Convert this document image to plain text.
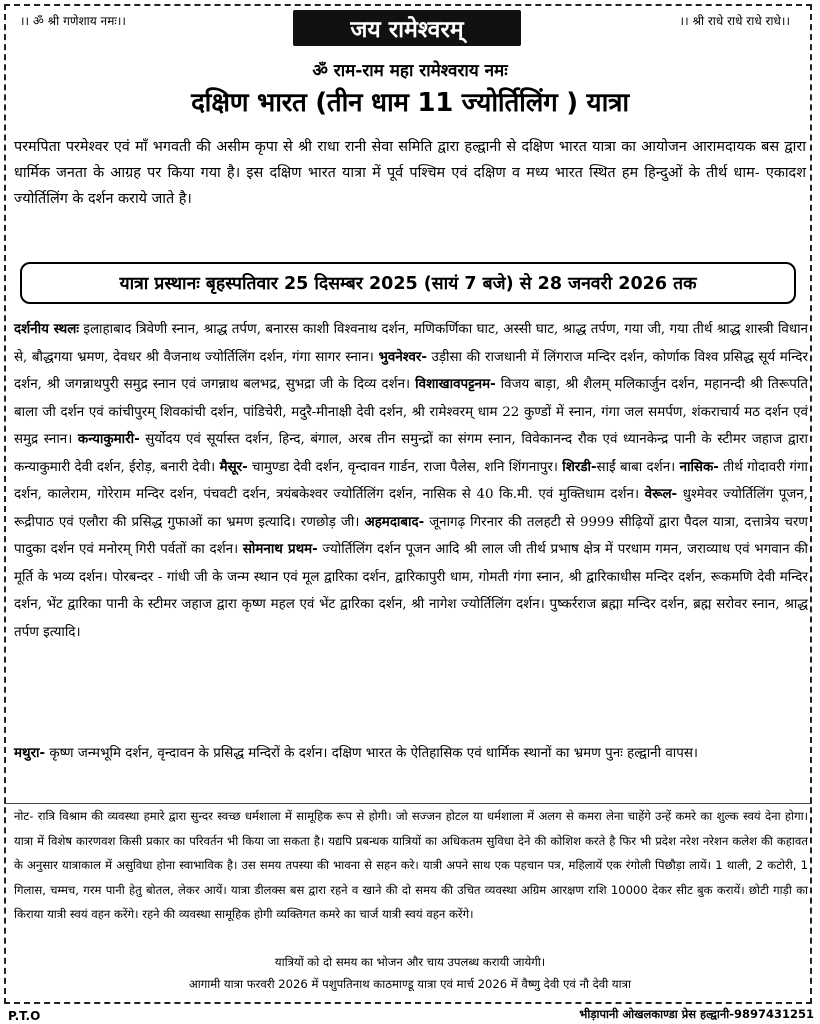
।। ॐ श्री गणेशाय नमः।।	जय रामेश्वरम्	।। श्री राधे राधे राधे राधे।।
ॐ राम-राम महा रामेश्वराय नमः
दक्षिण भारत (तीन धाम 11 ज्योर्तिलिंग ) यात्रा
परमपिता परमेश्वर एवं माँ भगवती की असीम कृपा से श्री राधा रानी सेवा समिति द्वारा हल्द्वानी से दक्षिण भारत यात्रा का आयोजन आरामदायक बस द्वारा धार्मिक जनता के आग्रह पर किया गया है। इस दक्षिण भारत यात्रा में पूर्व पश्चिम एवं दक्षिण व मध्य भारत स्थित हम हिन्दुओं के तीर्थ धाम- एकादश ज्योर्तिलिंग के दर्शन कराये जाते है।
यात्रा प्रस्थानः बृहस्पतिवार 25 दिसम्बर 2025 (सायं 7 बजे) से 28 जनवरी 2026 तक
दर्शनीय स्थलः इलाहाबाद त्रिवेणी स्नान, श्राद्ध तर्पण, बनारस काशी विश्वनाथ दर्शन, मणिकर्णिका घाट, अस्सी घाट, श्राद्ध तर्पण, गया जी, गया तीर्थ श्राद्ध शास्त्री विधान से, बौद्धगया भ्रमण, देवधर श्री वैजनाथ ज्योर्तिलिंग दर्शन, गंगा सागर स्नान। भुवनेश्वर- उड़ीसा की राजधानी में लिंगराज मन्दिर दर्शन, कोर्णाक विश्व प्रसिद्ध सूर्य मन्दिर दर्शन, श्री जगन्नाथपुरी समुद्र स्नान एवं जगन्नाथ बलभद्र, सुभद्रा जी के दिव्य दर्शन। विशाखावपट्टनम- विजय बाड़ा, श्री शैलम् मलिकार्जुन दर्शन, महानन्दी श्री तिरूपति बाला जी दर्शन एवं कांचीपुरम् शिवकांची दर्शन, पांडिचेरी, मदुरै-मीनाक्षी देवी दर्शन, श्री रामेश्वरम् धाम 22 कुण्डों में स्नान, गंगा जल समर्पण, शंकराचार्य मठ दर्शन एवं समुद्र स्नान। कन्याकुमारी- सुर्योदय एवं सूर्यास्त दर्शन, हिन्द, बंगाल, अरब तीन समुन्द्रों का संगम स्नान, विवेकानन्द रौक एवं ध्यानकेन्द्र पानी के स्टीमर जहाज द्वारा कन्याकुमारी देवी दर्शन, ईरोड़, बनारी देवी। मैसूर- चामुण्डा देवी दर्शन, वृन्दावन गार्डन, राजा पैलेस, शनि शिंगनापुर। शिरडी-साईं बाबा दर्शन। नासिक- तीर्थ गोदावरी गंगा दर्शन, कालेराम, गोरेराम मन्दिर दर्शन, पंचवटी दर्शन, त्रयंबकेश्वर ज्योर्तिलिंग दर्शन, नासिक से 40 कि.मी. एवं मुक्तिधाम दर्शन। वेरूल- धुश्मेवर ज्योर्तिलिंग पूजन, रूद्रीपाठ एवं एलौरा की प्रसिद्ध गुफाओं का भ्रमण इत्यादि। रणछोड़ जी। अहमदाबाद- जूनागढ़ गिरनार की तलहटी से 9999 सीढ़ियों द्वारा पैदल यात्रा, दत्तात्रेय चरण पादुका दर्शन एवं मनोरम् गिरी पर्वतों का दर्शन। सोमनाथ प्रथम- ज्योर्तिलिंग दर्शन पूजन आदि श्री लाल जी तीर्थ प्रभाष क्षेत्र में परधाम गमन, जराव्याध एवं भगवान की मूर्ति के भव्य दर्शन। पोरबन्दर - गांधी जी के जन्म स्थान एवं मूल द्वारिका दर्शन, द्वारिकापुरी धाम, गोमती गंगा स्नान, श्री द्वारिकाधीस मन्दिर दर्शन, रूकमणि देवी मन्दिर दर्शन, भेंट द्वारिका पानी के स्टीमर जहाज द्वारा कृष्ण महल एवं भेंट द्वारिका दर्शन, श्री नागेश ज्योर्तिलिंग दर्शन। पुष्कर्रराज ब्रह्मा मन्दिर दर्शन, ब्रह्म सरोवर स्नान, श्राद्ध तर्पण इत्यादि।
मथुरा- कृष्ण जन्मभूमि दर्शन, वृन्दावन के प्रसिद्ध मन्दिरों के दर्शन। दक्षिण भारत के ऐतिहासिक एवं धार्मिक स्थानों का भ्रमण पुनः हल्द्वानी वापस।
नोट- रात्रि विश्राम की व्यवस्था हमारे द्वारा सुन्दर स्वच्छ धर्मशाला में सामूहिक रूप से होगी। जो सज्जन होटल या धर्मशाला में अलग से कमरा लेना चाहेंगे उन्हें कमरे का शुल्क स्वयं देना होगा। यात्रा में विशेष कारणवश किसी प्रकार का परिवर्तन भी किया जा सकता है। यद्यपि प्रबन्धक यात्रियों का अधिकतम सुविधा देने की कोशिश करते है फिर भी प्रदेश नरेश नरेशन कलेश की कहावत के अनुसार यात्राकाल में असुविधा होना स्वाभाविक है। उस समय तपस्या की भावना से सहन करे। यात्री अपने साथ एक पहचान पत्र, महिलायें एक रंगोली पिछौड़ा लायें। 1 थाली, 2 कटोरी, 1 गिलास, चम्मच, गरम पानी हेतु बोतल, लेकर आयें। यात्रा डीलक्स बस द्वारा रहने व खाने की दो समय की उचित व्यवस्था अग्रिम आरक्षण राशि 10000 देकर सीट बुक करायें। छोटी गाड़ी का किराया यात्री स्वयं वहन करेंगे। रहने की व्यवस्था सामूहिक होगी व्यक्तिगत कमरे का चार्ज यात्री स्वयं वहन करेंगे।
यात्रियों को दो समय का भोजन और चाय उपलब्ध करायी जायेगी।
आगामी यात्रा फरवरी 2026 में पशुपतिनाथ काठमाण्डू यात्रा एवं मार्च 2026 में वैष्णु देवी एवं नौ देवी यात्रा
P.T.O	भीड़ापानी ओखलकाण्डा प्रेस हल्द्वानी-9897431251
